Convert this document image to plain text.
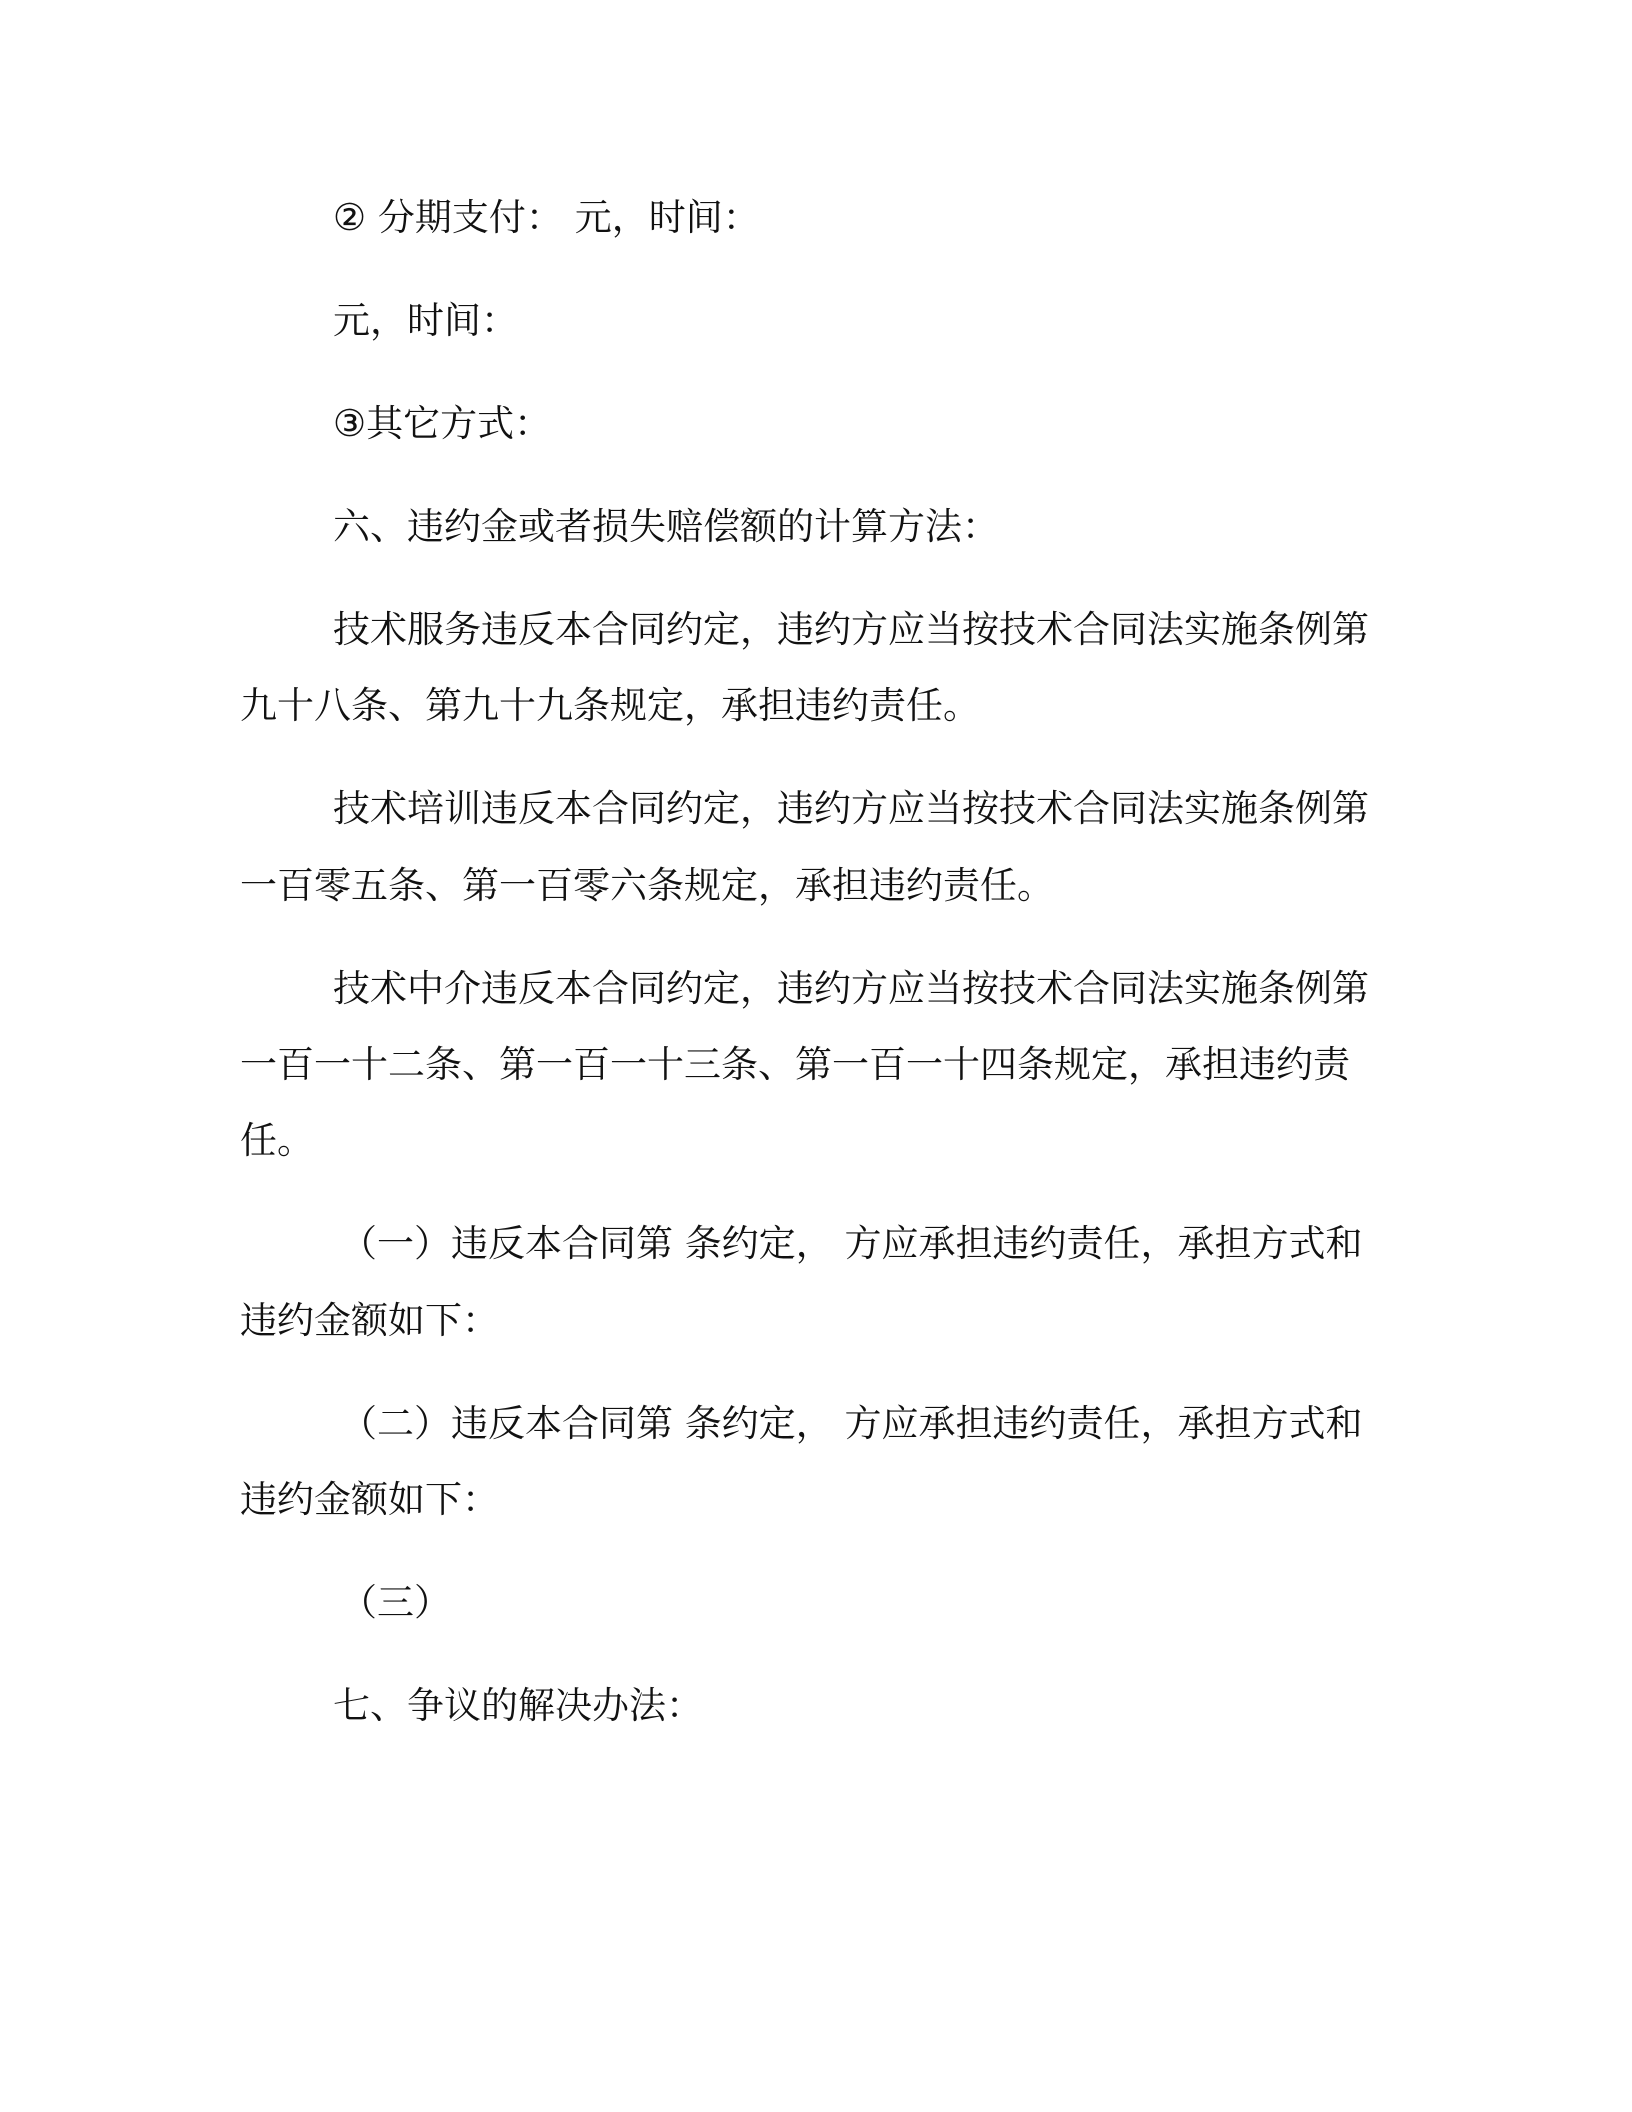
② 分期支付： 元，时间：
元，时间：
③其它方式：
六、违约金或者损失赔偿额的计算方法：
技术服务违反本合同约定，违约方应当按技术合同法实施条例第
九十八条、第九十九条规定，承担违约责任。
技术培训违反本合同约定，违约方应当按技术合同法实施条例第
一百零五条、第一百零六条规定，承担违约责任。
技术中介违反本合同约定，违约方应当按技术合同法实施条例第
一百一十二条、第一百一十三条、第一百一十四条规定，承担违约责
任。
（一）违反本合同第 条约定， 方应承担违约责任，承担方式和
违约金额如下：
（二）违反本合同第 条约定， 方应承担违约责任，承担方式和
违约金额如下：
（三）
七、争议的解决办法：
